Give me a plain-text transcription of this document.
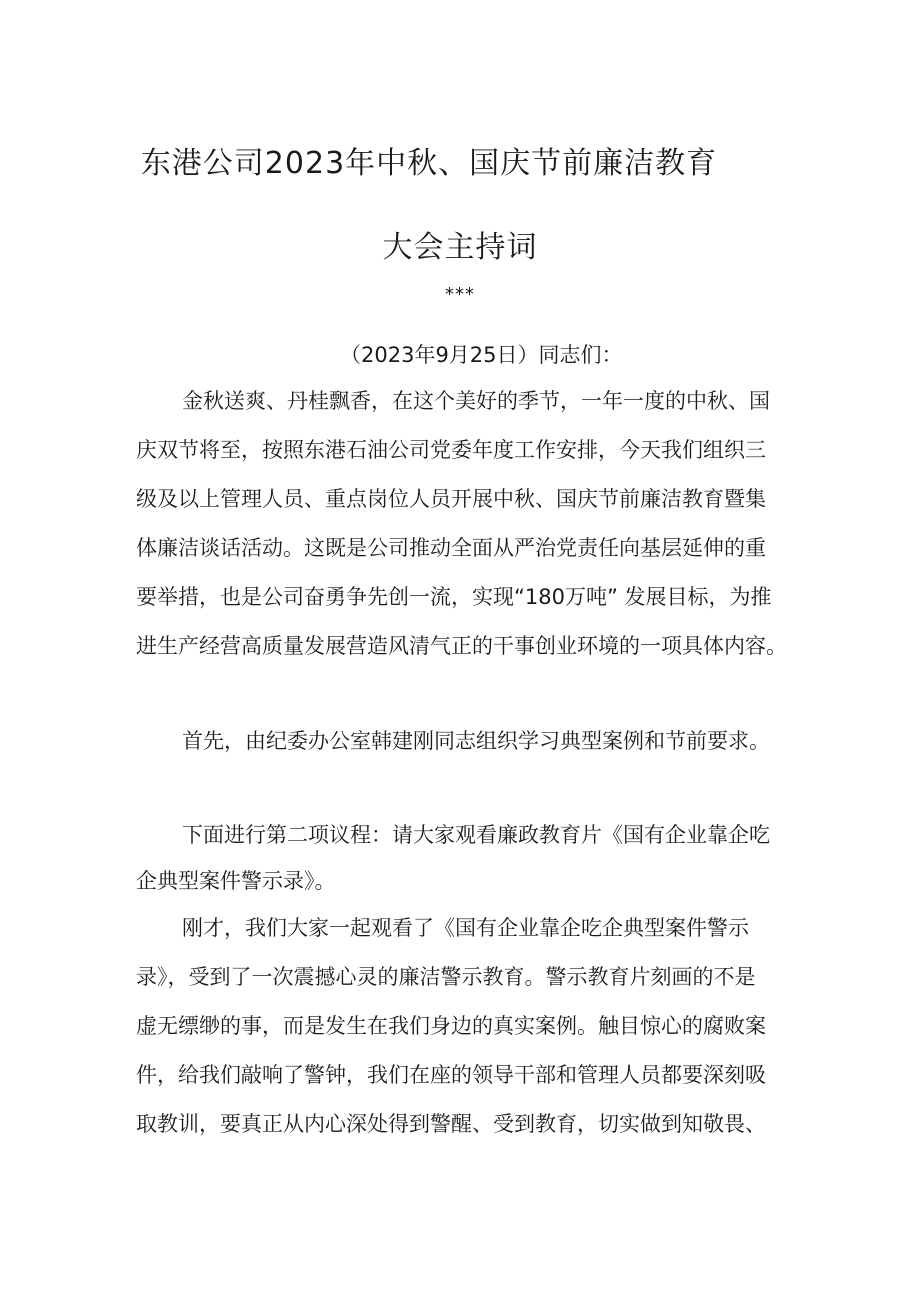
东港公司2023年中秋、国庆节前廉洁教育
大会主持词
***
（2023年9月25日）同志们：
金秋送爽、丹桂飘香，在这个美好的季节，一年一度的中秋、国
庆双节将至，按照东港石油公司党委年度工作安排，今天我们组织三
级及以上管理人员、重点岗位人员开展中秋、国庆节前廉洁教育暨集
体廉洁谈话活动。这既是公司推动全面从严治党责任向基层延伸的重
要举措，也是公司奋勇争先创一流，实现“180万吨” 发展目标，为推
进生产经营高质量发展营造风清气正的干事创业环境的一项具体内容。
首先，由纪委办公室韩建刚同志组织学习典型案例和节前要求。
下面进行第二项议程：请大家观看廉政教育片《国有企业靠企吃
企典型案件警示录》。
刚才，我们大家一起观看了《国有企业靠企吃企典型案件警示
录》，受到了一次震撼心灵的廉洁警示教育。警示教育片刻画的不是
虚无缥缈的事，而是发生在我们身边的真实案例。触目惊心的腐败案
件，给我们敲响了警钟，我们在座的领导干部和管理人员都要深刻吸
取教训，要真正从内心深处得到警醒、受到教育，切实做到知敬畏、
